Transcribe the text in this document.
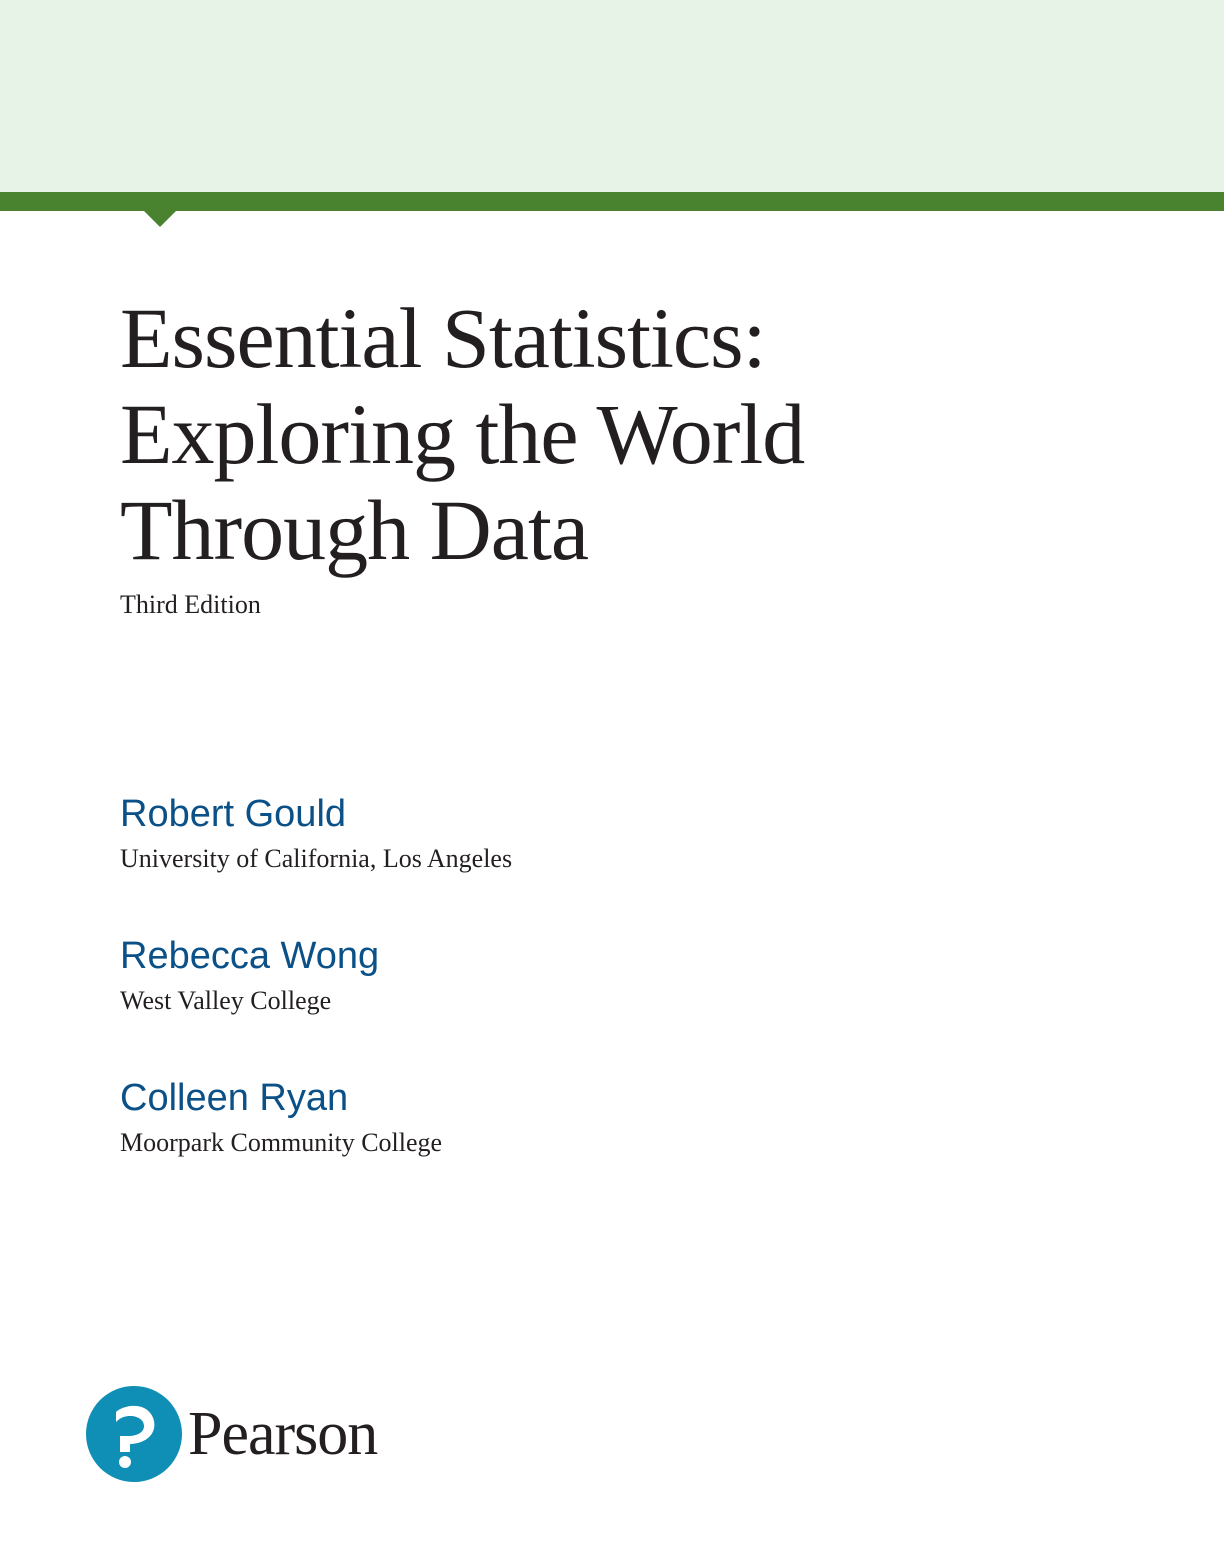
Essential Statistics:
Exploring the World
Through Data
Third Edition
Robert Gould
University of California, Los Angeles
Rebecca Wong
West Valley College
Colleen Ryan
Moorpark Community College
Pearson
